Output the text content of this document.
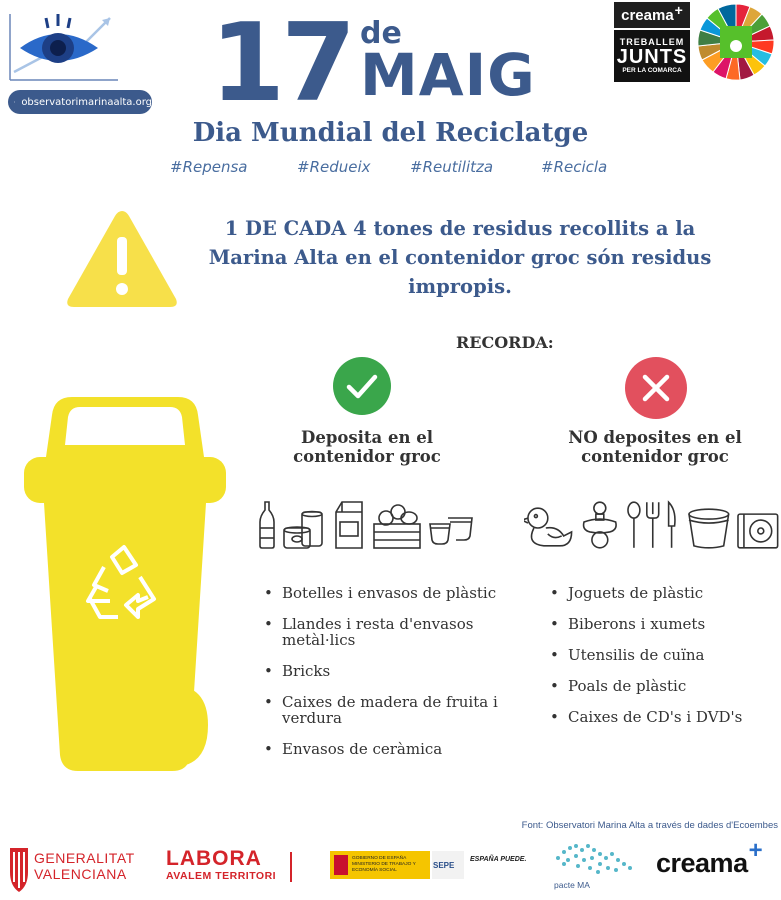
observatorimarinaalta.org 17 de
MAIG
creama +
TREBALLEM
JUNTS
PER LA COMARCA
Dia Mundial del Reciclatge
#Repensa	#Redueix	#Reutilitza	#Recicla
1 DE CADA 4 tones de residus recollits a la Marina Alta en el contenidor groc són residus impropis.
RECORDA:
Deposita en el contenidor groc
NO deposites en el contenidor groc
• Botelles i envasos de plàstic
• Llandes i resta d'envasos metàl·lics
• Bricks
• Caixes de madera de fruita i verdura
• Envasos de ceràmica
• Joguets de plàstic
• Biberons i xumets
• Utensilis de cuïna
• Poals de plàstic
• Caixes de CD's i DVD's
Font: Observatori Marina Alta a través de dades d'Ecoembes
GENERALITAT
VALENCIANA
LABORA
AVALEM TERRITORI
GOBIERNO DE ESPAÑA MINISTERIO DE TRABAJO Y ECONOMÍA SOCIAL
SEPE
ESPAÑA PUEDE.
pacte MA
creama+
